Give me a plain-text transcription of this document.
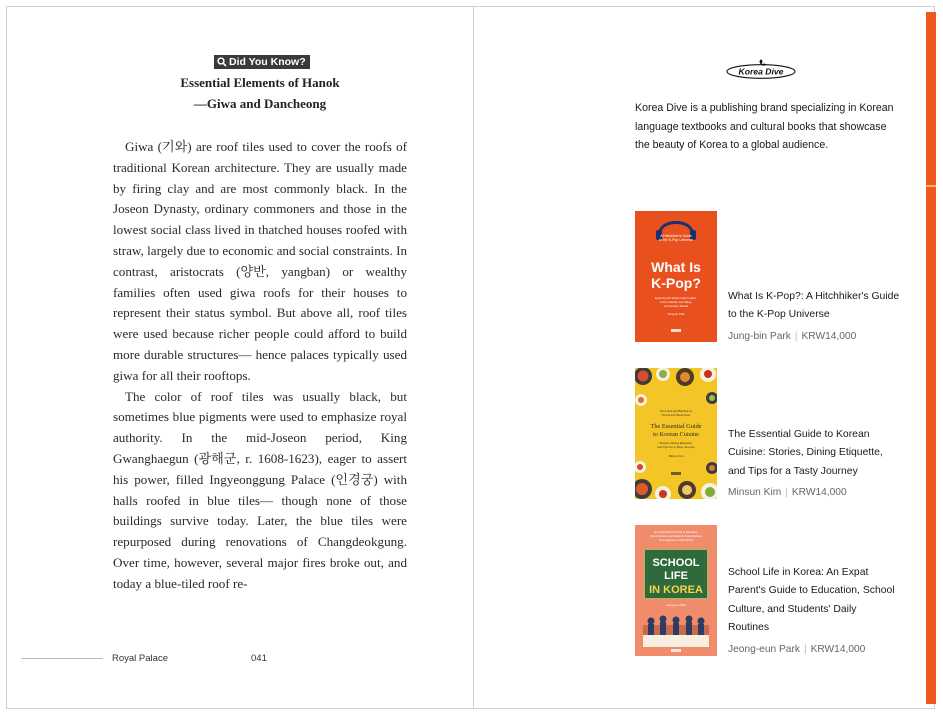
Did You Know?
Essential Elements of Hanok
—Giwa and Dancheong

Giwa (기와) are roof tiles used to cover the roofs of traditional Korean architecture. They are usually made by firing clay and are most commonly black. In the Joseon Dynasty, ordinary commoners and those in the lowest social class lived in thatched houses roofed with straw, largely due to economic and social constraints. In contrast, aristocrats (양반, yangban) or wealthy families often used giwa roofs for their houses to represent their status symbol. But above all, roof tiles were used because richer people could afford to build more durable structures— hence palaces typically used giwa for all their rooftops.

The color of roof tiles was usually black, but sometimes blue pigments were used to emphasize royal authority. In the mid-Joseon period, King Gwanghaegun (광해군, r. 1608-1623), eager to assert his power, filled Ingyeonggung Palace (인경궁) with halls roofed in blue tiles— though none of those buildings survive today. Later, the blue tiles were repurposed during renovations of Changdeokgung. Over time, however, several major fires broke out, and today a blue-tiled roof re-

Royal Palace	041
Korea Dive
Korea Dive is a publishing brand specializing in Korean language textbooks and cultural books that showcase the beauty of Korea to a global audience.
A Hitchhiker's Guide
to the K-Pop Universe
What Is
K-Pop?
Exploring the World of Idol Culture,
K-Pop Industry, Fan Slang,
and Fandom Rituals
Jung-bin Park
What Is K-Pop?: A Hitchhiker's Guide to the K-Pop Universe
Jung-bin Park | KRW14,000
From Rice and Banchan to
Kimchi and Street Food
The Essential Guide
to Korean Cuisine
Stories, Dining Etiquette,
and Tips for a Tasty Journey
Minsun Kim
The Essential Guide to Korean Cuisine: Stories, Dining Etiquette, and Tips for a Tasty Journey
Minsun Kim | KRW14,000
An Expat Parent's Guide to Education,
School Culture, and Students' Daily Routines
From Daycare to High School
SCHOOL
LIFE
IN KOREA
Jeong-eun Park
School Life in Korea: An Expat Parent's Guide to Education, School Culture, and Students' Daily Routines
Jeong-eun Park | KRW14,000
